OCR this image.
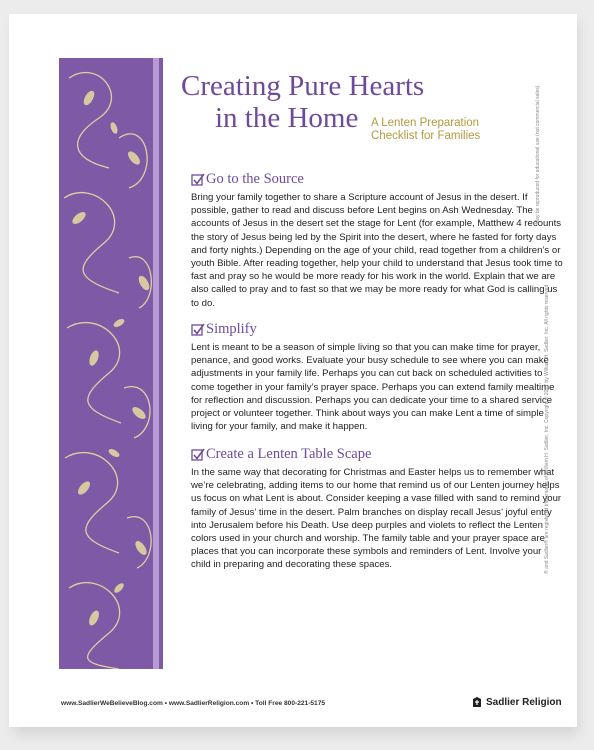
Creating Pure Hearts
in the Home	A Lenten Preparation
Checklist for Families
Go to the Source

Bring your family together to share a Scripture account of Jesus in the desert. If possible, gather to read and discuss before Lent begins on Ash Wednesday. The accounts of Jesus in the desert set the stage for Lent (for example, Matthew 4 recounts the story of Jesus being led by the Spirit into the desert, where he fasted for forty days and forty nights.) Depending on the age of your child, read together from a children’s or youth Bible. After reading together, help your child to understand that Jesus took time to fast and pray so he would be more ready for his work in the world. Explain that we are also called to pray and to fast so that we may be more ready for what God is calling us to do.

Simplify

Lent is meant to be a season of simple living so that you can make time for prayer, penance, and good works. Evaluate your busy schedule to see where you can make adjustments in your family life. Perhaps you can cut back on scheduled activities to come together in your family’s prayer space. Perhaps you can extend family mealtime for reflection and discussion. Perhaps you can dedicate your time to a shared service project or volunteer together. Think about ways you can make Lent a time of simple living for your family, and make it happen.

Create a Lenten Table Scape

In the same way that decorating for Christmas and Easter helps us to remember what we’re celebrating, adding items to our home that remind us of our Lenten journey helps us focus on what Lent is about. Consider keeping a vase filled with sand to remind your family of Jesus’ time in the desert. Palm branches on display recall Jesus’ joyful entry into Jerusalem before his Death. Use deep purples and violets to reflect the Lenten colors used in your church and worship. The family table and your prayer space are places that you can incorporate these symbols and reminders of Lent. Involve your child in preparing and decorating these spaces.

May be reproduced for educational use (not commercial sales).
® and Sadlier® are registered trademarks of William H. Sadlier, Inc. Copyright © 2017 by William H. Sadlier, Inc. All rights reserved.
www.SadlierWeBelieveBlog.com • www.SadlierReligion.com • Toll Free 800-221-5175	Sadlier Religion
